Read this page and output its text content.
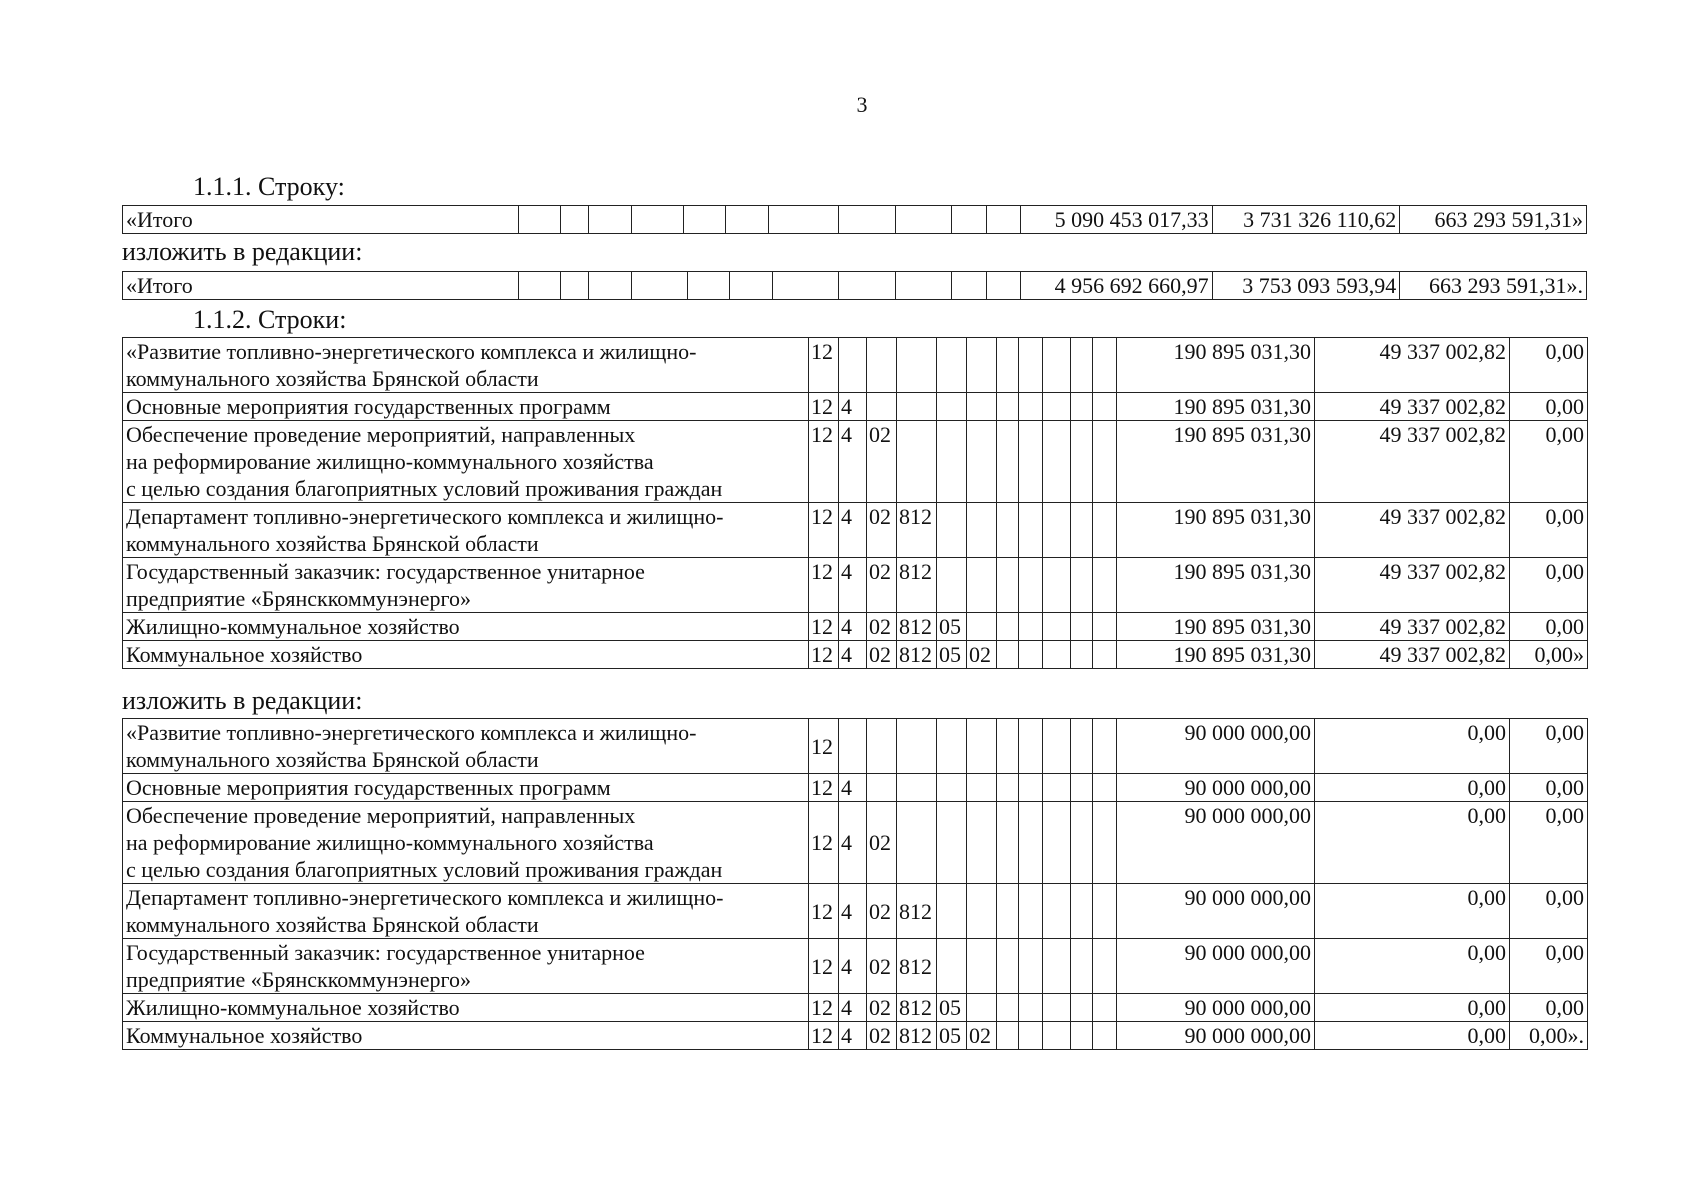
3
1.1.1. Строку:
«Итого												5 090 453 017,33	3 731 326 110,62	663 293 591,31»
изложить в редакции:
«Итого												4 956 692 660,97	3 753 093 593,94	663 293 591,31».
1.1.2. Строки:
«Развитие топливно-энергетического комплекса и жилищно-
коммунального хозяйства Брянской области	12											190 895 031,30	49 337 002,82	0,00

Основные мероприятия государственных программ	12	4										190 895 031,30	49 337 002,82	0,00

Обеспечение проведение мероприятий, направленных
на реформирование жилищно-коммунального хозяйства
с целью создания благоприятных условий проживания граждан	12	4	02									190 895 031,30	49 337 002,82	0,00

Департамент топливно-энергетического комплекса и жилищно-
коммунального хозяйства Брянской области	12	4	02	812								190 895 031,30	49 337 002,82	0,00

Государственный заказчик: государственное унитарное
предприятие «Брянсккоммунэнерго»	12	4	02	812								190 895 031,30	49 337 002,82	0,00

Жилищно-коммунальное хозяйство	12	4	02	812	05							190 895 031,30	49 337 002,82	0,00

Коммунальное хозяйство	12	4	02	812	05	02						190 895 031,30	49 337 002,82	0,00»
изложить в редакции:
«Развитие топливно-энергетического комплекса и жилищно-
коммунального хозяйства Брянской области	12											90 000 000,00	0,00	0,00

Основные мероприятия государственных программ	12	4										90 000 000,00	0,00	0,00

Обеспечение проведение мероприятий, направленных
на реформирование жилищно-коммунального хозяйства
с целью создания благоприятных условий проживания граждан	12	4	02									90 000 000,00	0,00	0,00

Департамент топливно-энергетического комплекса и жилищно-
коммунального хозяйства Брянской области	12	4	02	812								90 000 000,00	0,00	0,00

Государственный заказчик: государственное унитарное
предприятие «Брянсккоммунэнерго»	12	4	02	812								90 000 000,00	0,00	0,00

Жилищно-коммунальное хозяйство	12	4	02	812	05							90 000 000,00	0,00	0,00

Коммунальное хозяйство	12	4	02	812	05	02						90 000 000,00	0,00	0,00».
